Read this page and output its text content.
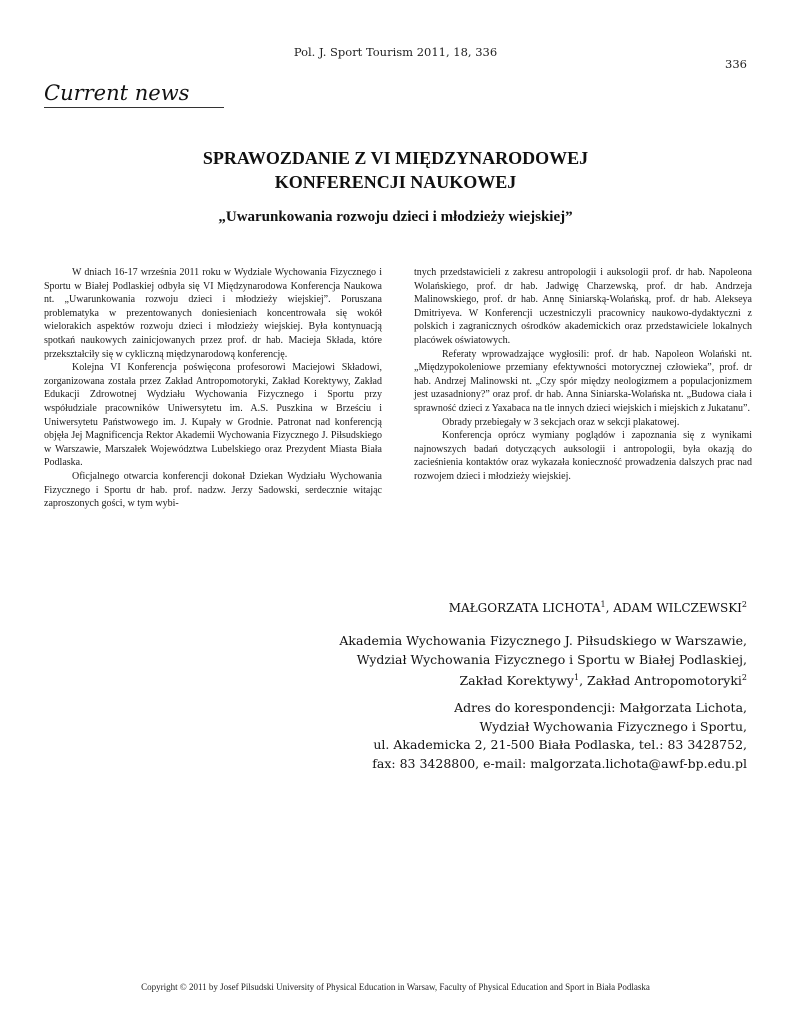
Pol. J. Sport Tourism 2011, 18, 336
336
Current news
SPRAWOZDANIE Z VI MIĘDZYNARODOWEJ
KONFERENCJI NAUKOWEJ
„Uwarunkowania rozwoju dzieci i młodzieży wiejskiej”

W dniach 16-17 września 2011 roku w Wydziale Wychowania Fizycznego i Sportu w Białej Podlaskiej odbyła się VI Międzynarodowa Konferencja Naukowa nt. „Uwarunkowania rozwoju dzieci i młodzieży wiejskiej”. Poruszana problematyka w prezentowanych doniesieniach koncentrowała się wokół wielorakich aspektów rozwoju dzieci i młodzieży wiejskiej. Była kontynuacją spotkań naukowych zainicjowanych przez prof. dr hab. Macieja Składa, które przekształciły się w cykliczną międzynarodową konferencję.

Kolejna VI Konferencja poświęcona profesorowi Maciejowi Składowi, zorganizowana została przez Zakład Antropomotoryki, Zakład Korektywy, Zakład Edukacji Zdrowotnej Wydziału Wychowania Fizycznego i Sportu przy współudziale pracowników Uniwersytetu im. A.S. Puszkina w Brześciu i Uniwersytetu Państwowego im. J. Kupały w Grodnie. Patronat nad konferencją objęła Jej Magnificencja Rektor Akademii Wychowania Fizycznego J. Piłsudskiego w Warszawie, Marszałek Województwa Lubelskiego oraz Prezydent Miasta Biała Podlaska.

Oficjalnego otwarcia konferencji dokonał Dziekan Wydziału Wychowania Fizycznego i Sportu dr hab. prof. nadzw. Jerzy Sadowski, serdecznie witając zaproszonych gości, w tym wybi-

tnych przedstawicieli z zakresu antropologii i auksologii prof. dr hab. Napoleona Wolańskiego, prof. dr hab. Jadwigę Charzewską, prof. dr hab. Andrzeja Malinowskiego, prof. dr hab. Annę Siniarską-Wolańską, prof. dr hab. Alekseya Dmitriyeva. W Konferencji uczestniczyli pracownicy naukowo-dydaktyczni z polskich i zagranicznych ośrodków akademickich oraz przedstawiciele lokalnych placówek oświatowych.

Referaty wprowadzające wygłosili: prof. dr hab. Napoleon Wolański nt. „Międzypokoleniowe przemiany efektywności motorycznej człowieka”, prof. dr hab. Andrzej Malinowski nt. „Czy spór między neologizmem a populacjonizmem jest uzasadniony?” oraz prof. dr hab. Anna Siniarska-Wolańska nt. „Budowa ciała i sprawność dzieci z Yaxabaca na tle innych dzieci wiejskich i miejskich z Jukatanu”.

Obrady przebiegały w 3 sekcjach oraz w sekcji plakatowej.

Konferencja oprócz wymiany poglądów i zapoznania się z wynikami najnowszych badań dotyczących auksologii i antropologii, była okazją do zacieśnienia kontaktów oraz wykazała konieczność prowadzenia dalszych prac nad rozwojem dzieci i młodzieży wiejskiej.

MAŁGORZATA LICHOTA$^1$, ADAM WILCZEWSKI$^2$
Akademia Wychowania Fizycznego J. Piłsudskiego w Warszawie,
Wydział Wychowania Fizycznego i Sportu w Białej Podlaskiej,
Zakład Korektywy$^1$, Zakład Antropomotoryki$^2$
Adres do korespondencji: Małgorzata Lichota,
Wydział Wychowania Fizycznego i Sportu,
ul. Akademicka 2, 21-500 Biała Podlaska, tel.: 83 3428752,
fax: 83 3428800, e-mail: malgorzata.lichota@awf-bp.edu.pl
Copyright © 2011 by Josef Pilsudski University of Physical Education in Warsaw, Faculty of Physical Education and Sport in Biała Podlaska
